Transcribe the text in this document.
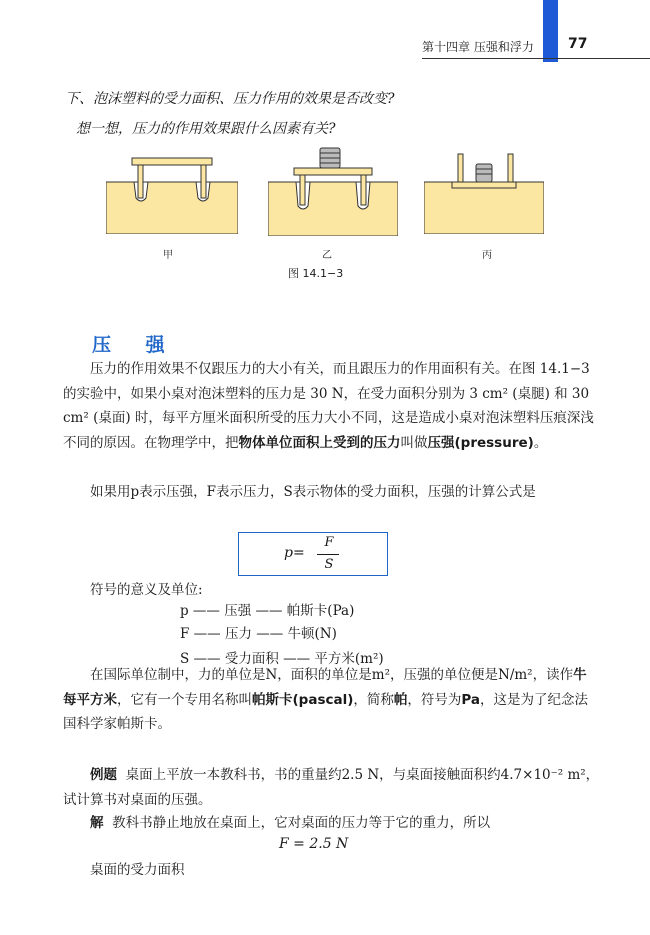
第十四章 压强和浮力 77
下、泡沫塑料的受力面积、压力作用的效果是否改变?
想一想，压力的作用效果跟什么因素有关?
甲	乙	丙
图 14.1−3
压 强
压力的作用效果不仅跟压力的大小有关，而且跟压力的作用面积有关。在图 14.1−3 的实验中，如果小桌对泡沫塑料的压力是 30 N，在受力面积分别为 3 cm² (桌腿) 和 30 cm² (桌面) 时，每平方厘米面积所受的压力大小不同，这是造成小桌对泡沫塑料压痕深浅不同的原因。在物理学中，把物体单位面积上受到的压力叫做压强(pressure)。
如果用p表示压强，F表示压力，S表示物体的受力面积，压强的计算公式是
p=
F
S
符号的意义及单位:
p —— 压强 —— 帕斯卡(Pa)
F —— 压力 —— 牛顿(N)
S —— 受力面积 —— 平方米(m²)
在国际单位制中，力的单位是N，面积的单位是m²，压强的单位便是N/m²，读作牛每平方米，它有一个专用名称叫帕斯卡(pascal)，简称帕，符号为Pa，这是为了纪念法国科学家帕斯卡。
例题 桌面上平放一本教科书，书的重量约2.5 N，与桌面接触面积约4.7×10⁻² m²，试计算书对桌面的压强。
解 教科书静止地放在桌面上，它对桌面的压力等于它的重力，所以
F = 2.5 N
桌面的受力面积
